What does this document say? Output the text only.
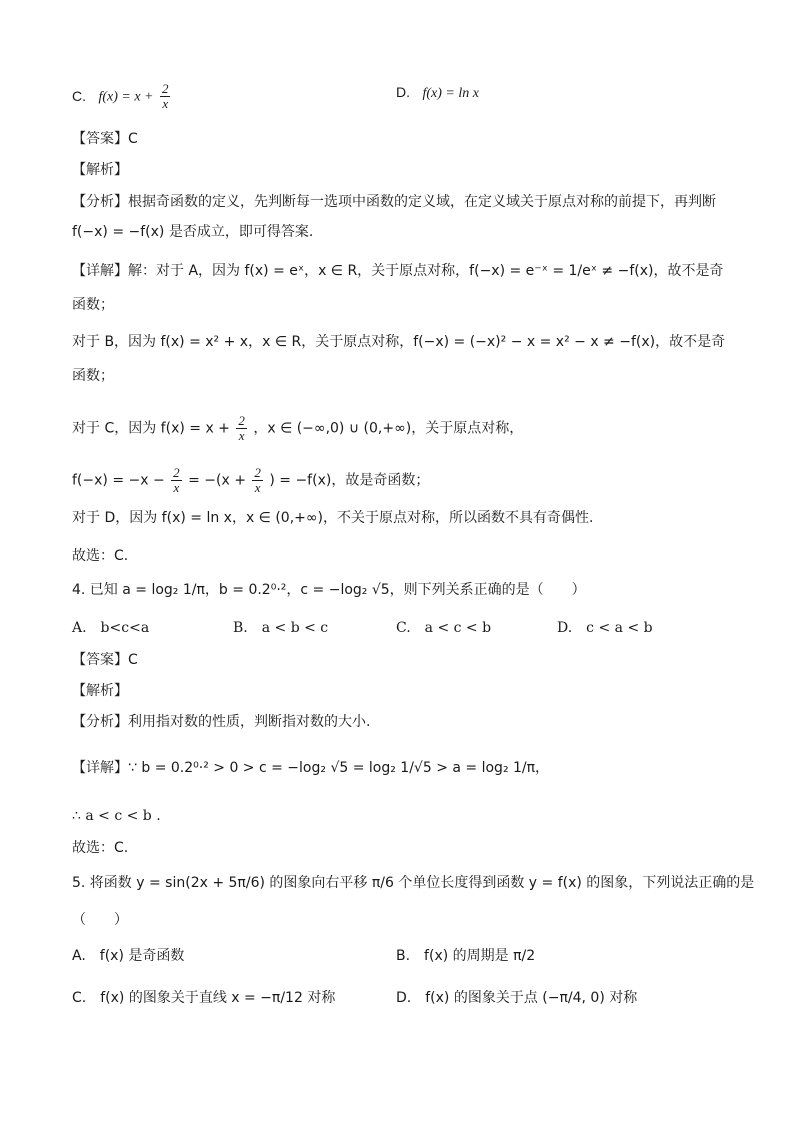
C. $f(x) = x + \frac{2}{x}$	D. f(x) = ln x
【答案】C
【解析】
【分析】根据奇函数的定义，先判断每一选项中函数的定义域，在定义域关于原点对称的前提下，再判断
f(−x) = −f(x) 是否成立，即可得答案.
【详解】解：对于 A，因为 f(x) = eˣ，x ∈ R，关于原点对称，f(−x) = e⁻ˣ = 1/eˣ ≠ −f(x)，故不是奇
函数；
对于 B，因为 f(x) = x² + x，x ∈ R，关于原点对称，f(−x) = (−x)² − x = x² − x ≠ −f(x)，故不是奇
函数；
对于 C，因为 $f(x) = x + \frac{2}{x}$ ，x ∈ (−∞,0) ∪ (0,+∞)，关于原点对称，
$f(-x) = -x - \frac{2}{x} = -(x + \frac{2}{x}$ ) = −f(x)，故是奇函数；
对于 D，因为 f(x) = ln x，x ∈ (0,+∞)，不关于原点对称，所以函数不具有奇偶性.
故选：C.
4. 已知 a = log₂ 1/π，b = 0.2⁰·²，c = −log₂ √5，则下列关系正确的是（　　）
A.　b<c<a	B.　a < b < c	C.　a < c < b	D.　c < a < b
【答案】C
【解析】
【分析】利用指对数的性质，判断指对数的大小.
【详解】∵ b = 0.2⁰·² > 0 > c = −log₂ √5 = log₂ 1/√5 > a = log₂ 1/π，
∴ a < c < b .
故选：C.
5. 将函数 y = sin(2x + 5π/6) 的图象向右平移 π/6 个单位长度得到函数 y = f(x) 的图象，下列说法正确的是
（　　）
A.　f(x) 是奇函数	B.　f(x) 的周期是 π/2
C.　f(x) 的图象关于直线 x = −π/12 对称	D.　f(x) 的图象关于点 (−π/4, 0) 对称
